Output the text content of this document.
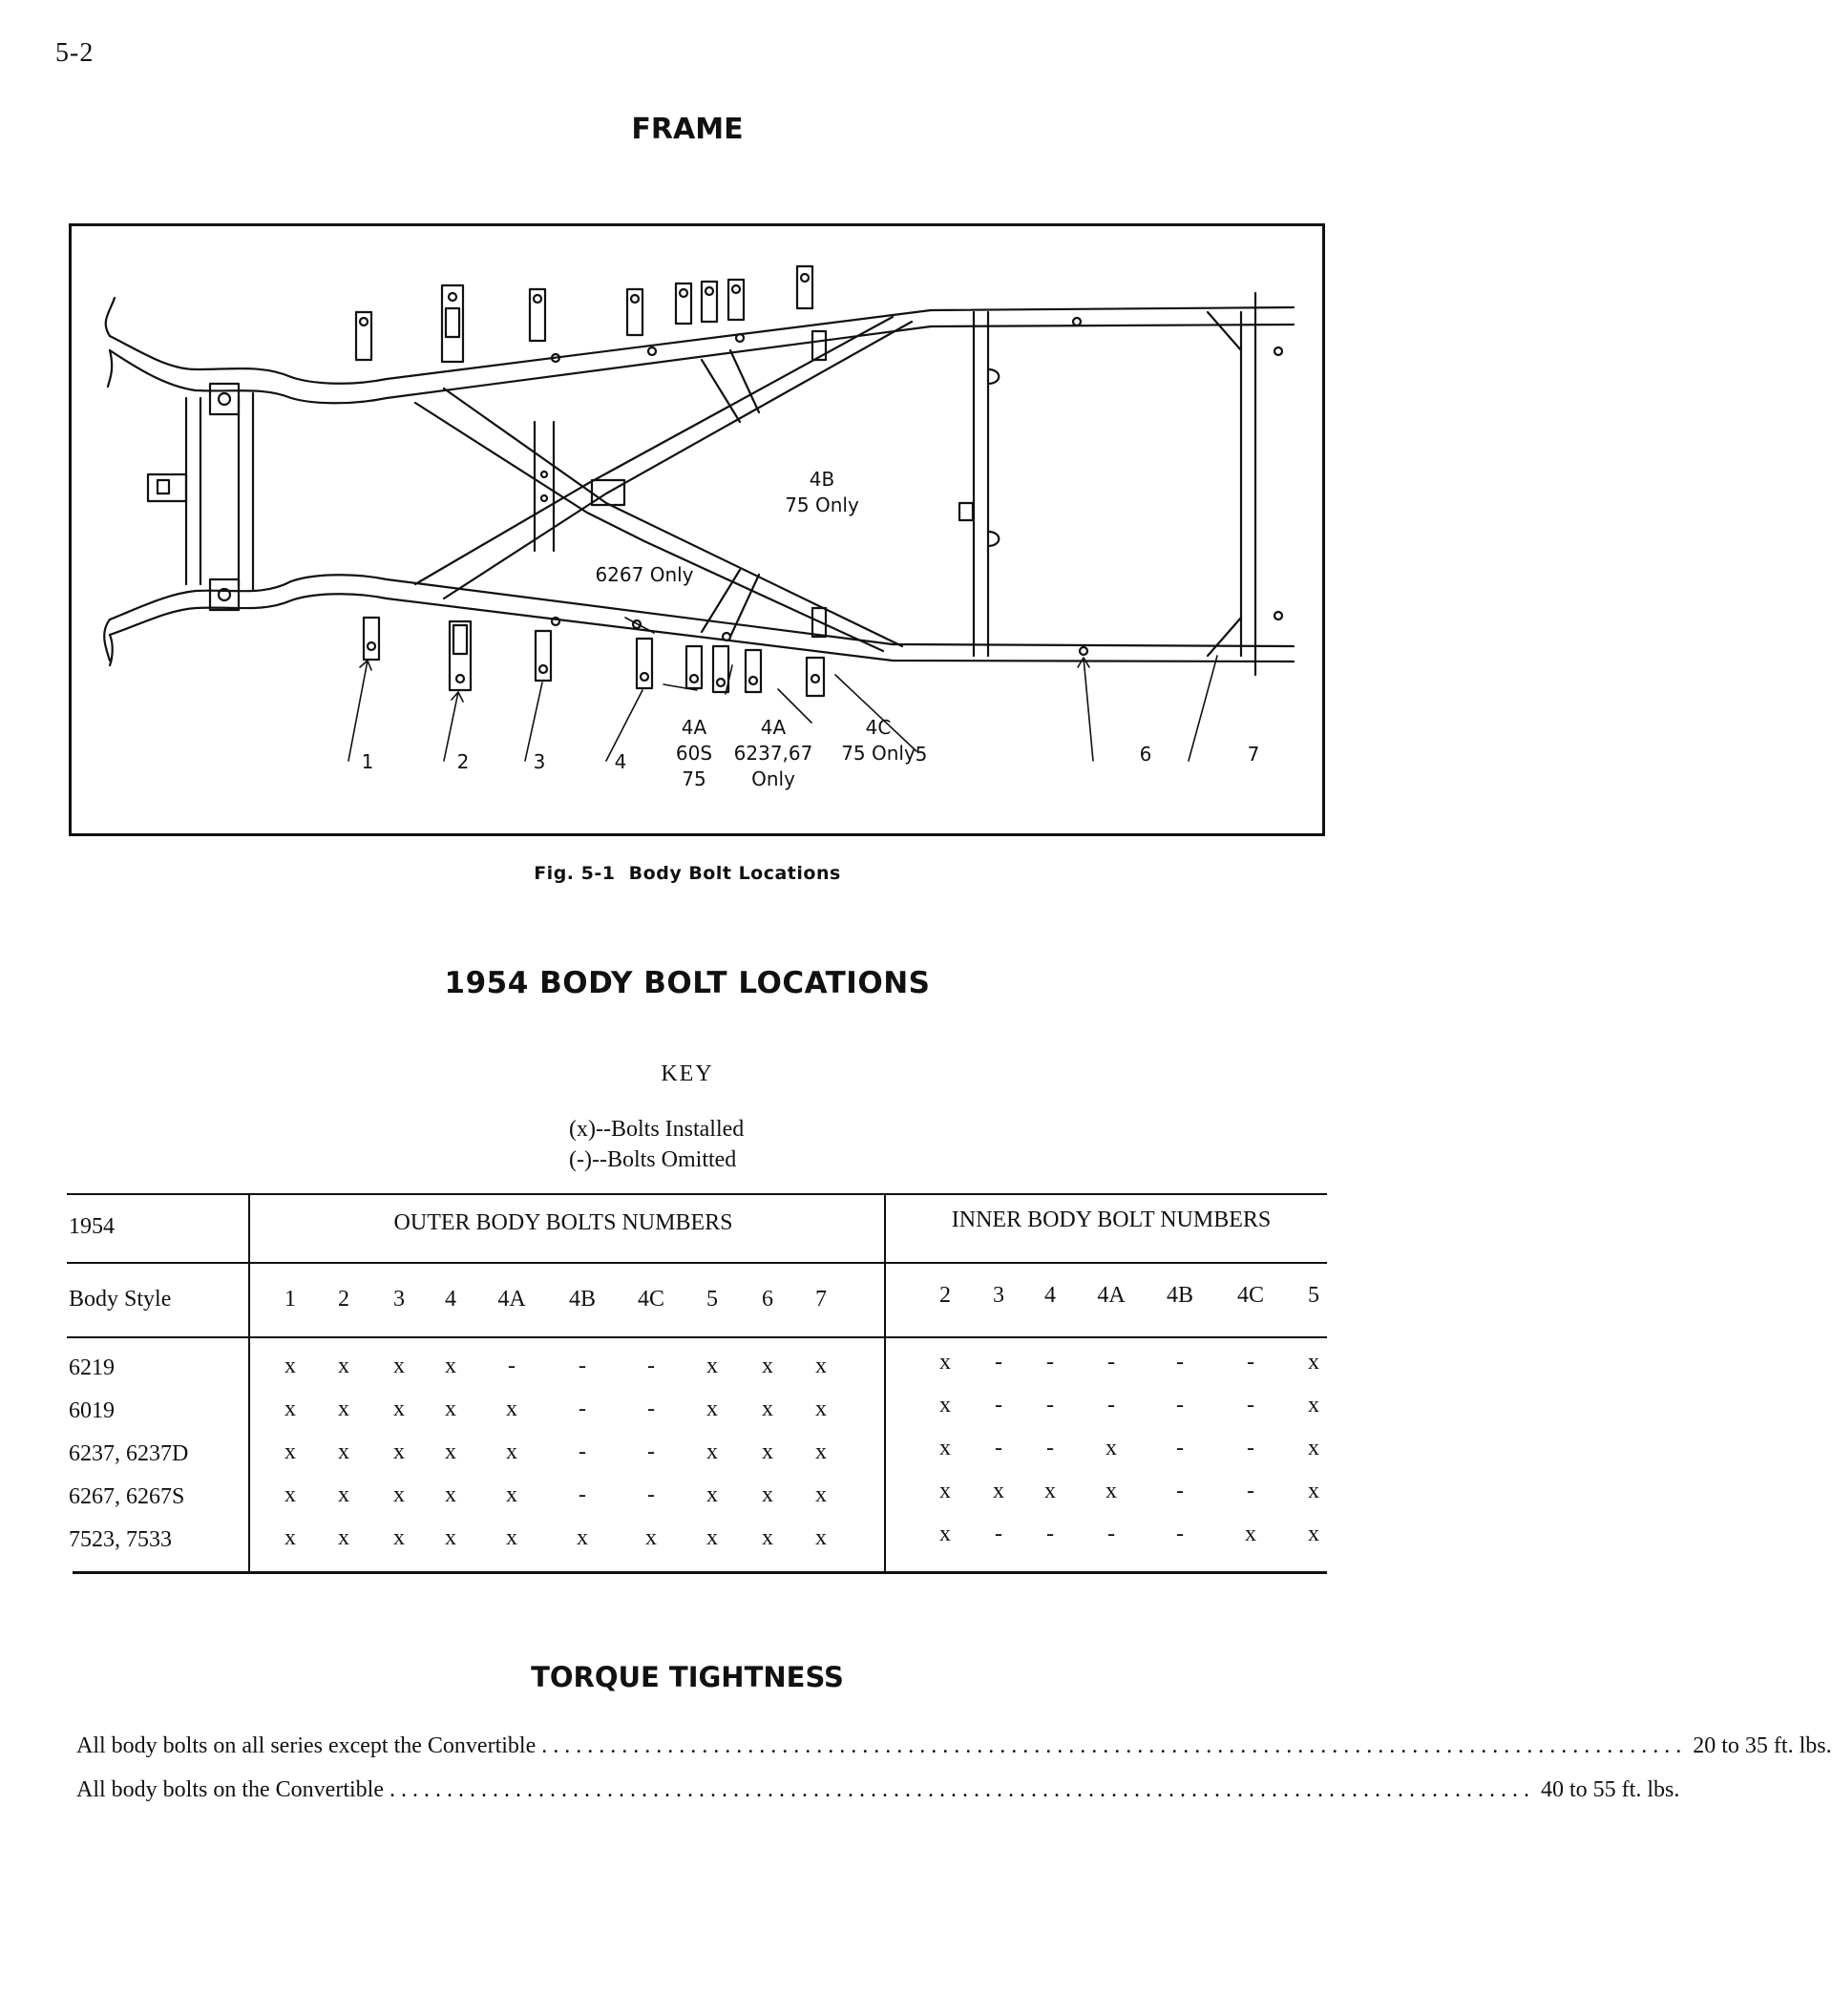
5-2
FRAME
4B
75 Only
6267 Only
1	2	3	4
4A
60S
75
4A
6237,67
Only
4C
75 Only 5	6	7
Fig. 5-1  Body Bolt Locations
1954 BODY BOLT LOCATIONS
KEY
(x)--Bolts Installed
(-)--Bolts Omitted
1954
Body Style
OUTER BODY BOLTS NUMBERS	INNER BODY BOLT NUMBERS
1 2 3 4 4A 4B 4C 5 6 7	2 3 4 4A 4B 4C 5
6219	x x x x -	-	- x x x	x - - -	-	- x
6019	x x x x x	-	- x x x	x - - -	-	- x
6237, 6237D	x x x x x	-	- x x x	x - - x	-	- x
6267, 6267S	x x x x x	-	- x x x	x x x x	-	- x
7523, 7533	x x x x x	x	x x x x	x - - -	-	x x
TORQUE TIGHTNESS
All body bolts on all series except the Convertible .................................................................................................... 20 to 35 ft. lbs.
All body bolts on the Convertible .................................................................................................... 40 to 55 ft. lbs.
